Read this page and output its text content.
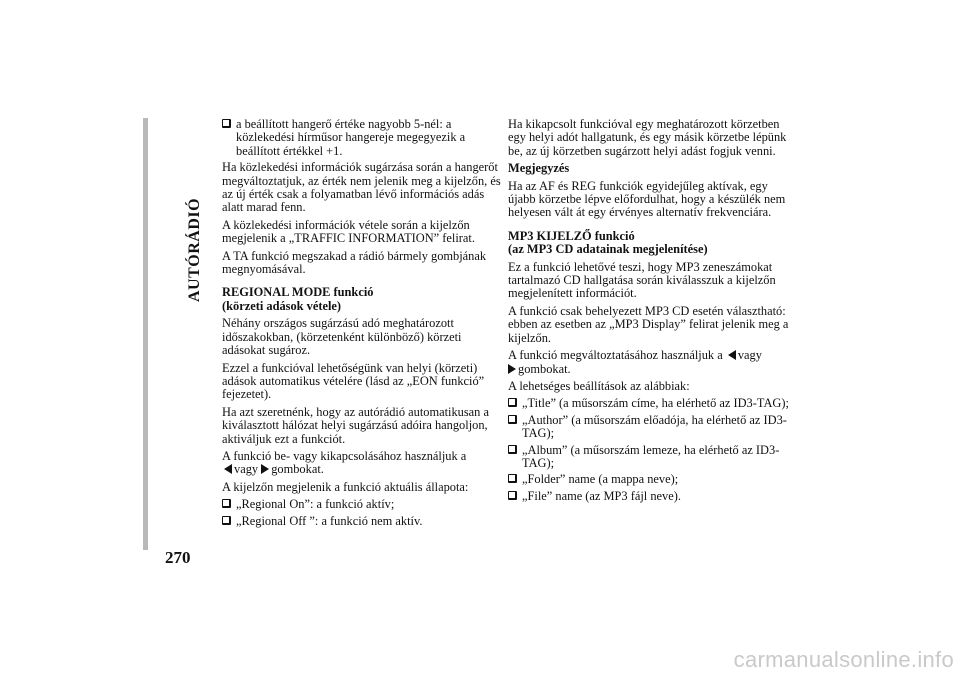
AUTÓRÁDIÓ
270
a beállított hangerő értéke nagyobb 5-nél: a közlekedési hírműsor hangereje megegyezik a beállított értékkel +1.

Ha közlekedési információk sugárzása során a hangerőt megváltoztatjuk, az érték nem jelenik meg a kijelzőn, és az új érték csak a folyamatban lévő információs adás alatt marad fenn.

A közlekedési információk vétele során a kijelzőn megjelenik a „TRAFFIC INFORMATION” felirat.

A TA funkció megszakad a rádió bármely gombjának megnyomásával.

REGIONAL MODE funkció
(körzeti adások vétele)

Néhány országos sugárzású adó meghatározott időszakokban, (körzetenként különböző) körzeti adásokat sugároz.

Ezzel a funkcióval lehetőségünk van helyi (körzeti) adások automatikus vételére (lásd az „EON funkció” fejezetet).

Ha azt szeretnénk, hogy az autórádió automatikusan a kiválasztott hálózat helyi sugárzású adóira hangoljon, aktiváljuk ezt a funkciót.

A funkció be- vagy kikapcsolásához használjuk a
vagy gombokat.

A kijelzőn megjelenik a funkció aktuális állapota:

„Regional On”: a funkció aktív;
„Regional Off ”: a funkció nem aktív.

Ha kikapcsolt funkcióval egy meghatározott körzetben egy helyi adót hallgatunk, és egy másik körzetbe lépünk be, az új körzetben sugárzott helyi adást fogjuk venni.

Megjegyzés

Ha az AF és REG funkciók egyidejűleg aktívak, egy újabb körzetbe lépve előfordulhat, hogy a készülék nem helyesen vált át egy érvényes alternatív frekvenciára.

MP3 KIJELZŐ funkció
(az MP3 CD adatainak megjelenítése)

Ez a funkció lehetővé teszi, hogy MP3 zeneszámokat tartalmazó CD hallgatása során kiválasszuk a kijelzőn megjelenített információt.

A funkció csak behelyezett MP3 CD esetén választható: ebben az esetben az „MP3 Display” felirat jelenik meg a kijelzőn.

A funkció megváltoztatásához használjuk a vagy
gombokat.

A lehetséges beállítások az alábbiak:

„Title” (a műsorszám címe, ha elérhető az ID3-TAG);
„Author” (a műsorszám előadója, ha elérhető az ID3-TAG);
„Album” (a műsorszám lemeze, ha elérhető az ID3-TAG);
„Folder” name (a mappa neve);
„File” name (az MP3 fájl neve).
carmanualsonline.info
